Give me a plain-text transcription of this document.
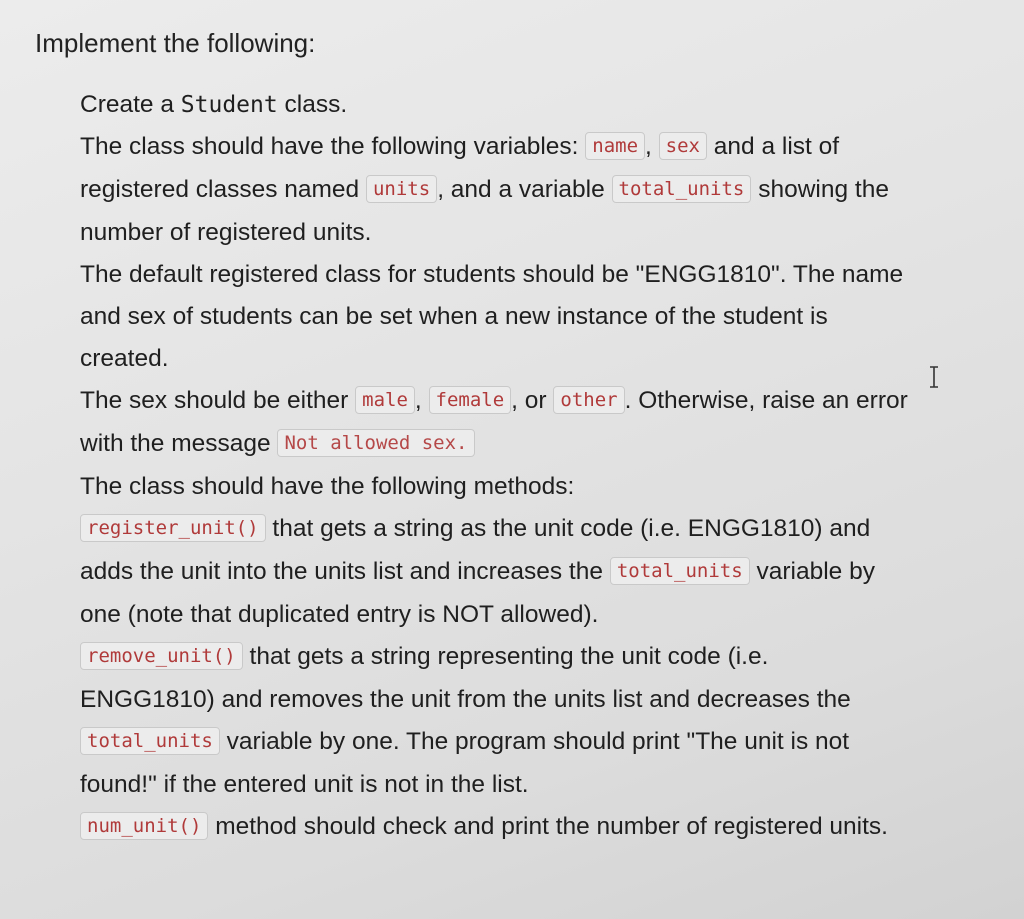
Implement the following:
Create a Student class.
The class should have the following variables: name , sex and a list of
registered classes named units , and a variable total_units showing the
number of registered units.
The default registered class for students should be "ENGG1810". The name
and sex of students can be set when a new instance of the student is
created.
The sex should be either male , female , or other . Otherwise, raise an error
with the message Not allowed sex.
The class should have the following methods:
register_unit() that gets a string as the unit code (i.e. ENGG1810) and
adds the unit into the units list and increases the total_units variable by
one (note that duplicated entry is NOT allowed).
remove_unit() that gets a string representing the unit code (i.e.
ENGG1810) and removes the unit from the units list and decreases the
total_units variable by one. The program should print "The unit is not
found!" if the entered unit is not in the list.
num_unit() method should check and print the number of registered units.
